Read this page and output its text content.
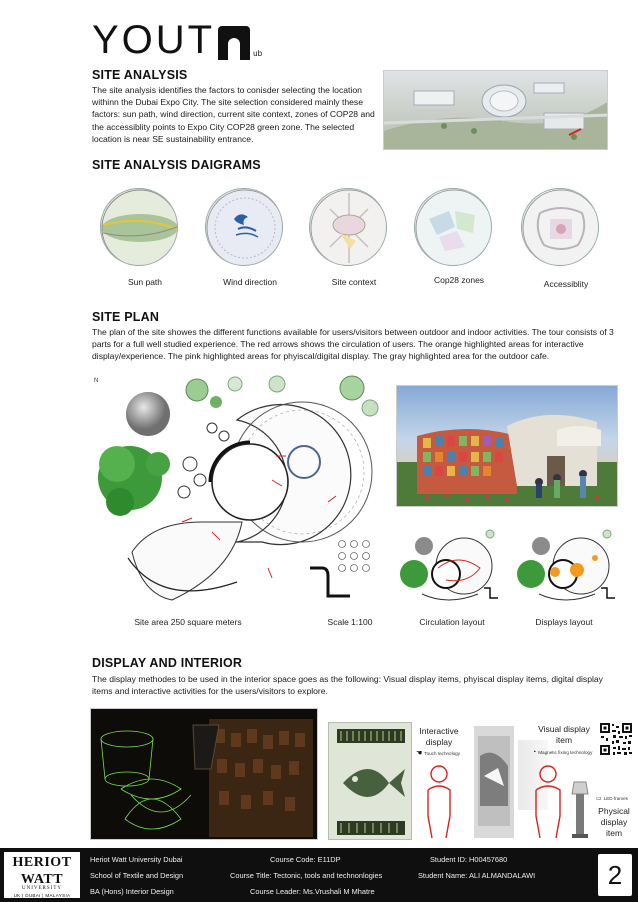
YOUT	ub
SITE ANALYSIS
The site analysis identifies the factors to conisder selecting the location withinn the Dubai Expo City. The site selection considered mainly these factors: sun path, wind direction, current site context, zones of COP28 and the accessiblity points to Expo City COP28 green zone. The selected location is near SE sustainability entrance.
SITE ANALYSIS DAIGRAMS
Sun path	Wind direction	Site context	Cop28 zones	Accessiblity
SITE PLAN
The plan of the site showes the different functions available for users/visitors between outdoor and indoor activities. The tour consists of 3 parts for a full well studied experience. The red arrows shows the circulation of users. The orange highlighted areas for interactive display/experience. The pink highlighted areas for phyiscal/digital display. The gray highlighted area for the outdoor cafe.
N
Site area 250 square meters	Scale 1:100	Circulation layout	Displays layout
DISPLAY AND INTERIOR
The display methodes to be used in the interior space goes as the following: Visual display items, phyiscal display items, digital display items and interactive activities for the users/visitors to explore.
Interactive display
☚ Touch technology
Visual display item
◔ Magnetic fixing technology
▭ LED frames
Physical display item
HERIOT
WATT
UNIVERSITY
UK | DUBAI | MALAYSIA
Heriot Watt University Dubai
School of Textile and Design
BA (Hons) Interior Design
Course Code: E11DP
Course Title: Tectonic, tools and technonlogies
Course Leader: Ms.Vrushali M Mhatre
Student ID: H00457680
Student Name: ALI ALMANDALAWI	2
